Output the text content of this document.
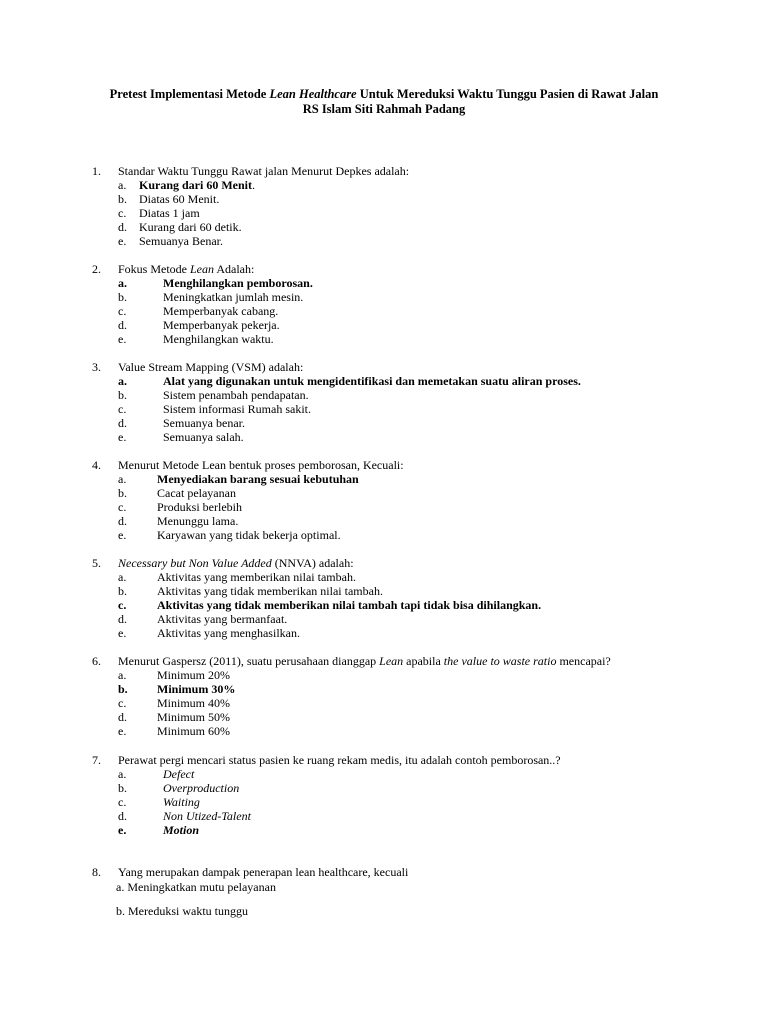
Pretest Implementasi Metode Lean Healthcare Untuk Mereduksi Waktu Tunggu Pasien di Rawat Jalan
RS Islam Siti Rahmah Padang
1. Standar Waktu Tunggu Rawat jalan Menurut Depkes adalah:
a. Kurang dari 60 Menit.
b. Diatas 60 Menit.
c. Diatas 1 jam
d. Kurang dari 60 detik.
e. Semuanya Benar.
2. Fokus Metode Lean Adalah:
a.	Menghilangkan pemborosan.
b.	Meningkatkan jumlah mesin.
c.	Memperbanyak cabang.
d.	Memperbanyak pekerja.
e.	Menghilangkan waktu.
3. Value Stream Mapping (VSM) adalah:
a.	Alat yang digunakan untuk mengidentifikasi dan memetakan suatu aliran proses.
b.	Sistem penambah pendapatan.
c.	Sistem informasi Rumah sakit.
d.	Semuanya benar.
e.	Semuanya salah.
4. Menurut Metode Lean bentuk proses pemborosan, Kecuali:
a.	Menyediakan barang sesuai kebutuhan
b.	Cacat pelayanan
c.	Produksi berlebih
d.	Menunggu lama.
e.	Karyawan yang tidak bekerja optimal.
5. Necessary but Non Value Added (NNVA) adalah:
a.	Aktivitas yang memberikan nilai tambah.
b.	Aktivitas yang tidak memberikan nilai tambah.
c.	Aktivitas yang tidak memberikan nilai tambah tapi tidak bisa dihilangkan.
d.	Aktivitas yang bermanfaat.
e.	Aktivitas yang menghasilkan.
6. Menurut Gaspersz (2011), suatu perusahaan dianggap Lean apabila the value to waste ratio mencapai?
a.	Minimum 20%
b. Minimum 30%
c.	Minimum 40%
d.	Minimum 50%
e.	Minimum 60%
7. Perawat pergi mencari status pasien ke ruang rekam medis, itu adalah contoh pemborosan..?
a.	Defect
b.	Overproduction
c.	Waiting
d.	Non Utized-Talent
e.	Motion
8. Yang merupakan dampak penerapan lean healthcare, kecuali
a. Meningkatkan mutu pelayanan
b. Mereduksi waktu tunggu
